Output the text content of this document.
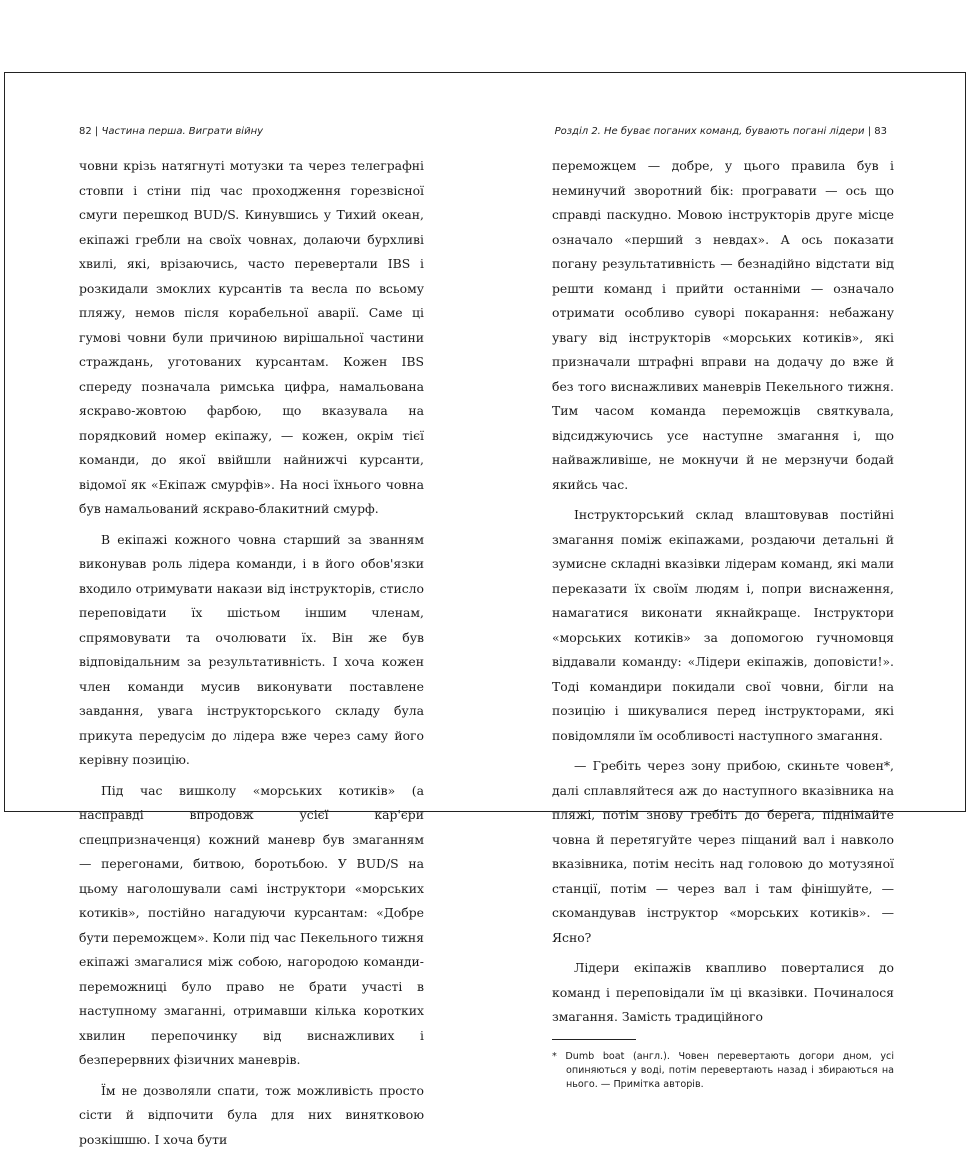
82 | Частина перша. Виграти війну	Розділ 2. Не буває поганих команд, бувають погані лідери | 83

човни крізь натягнуті мотузки та через телеграфні стовпи і стіни під час проходження горезвісної смуги перешкод BUD/S. Кинувшись у Тихий океан, екіпажі гребли на своїх човнах, долаючи бурхливі хвилі, які, врізаючись, часто перевертали IBS і розкидали змоклих курсантів та весла по всьому пляжу, немов після корабельної аварії. Саме ці гумові човни були причиною вирішальної частини страждань, уготованих курсантам. Кожен IBS спереду позначала римська цифра, намальована яскраво-жовтою фарбою, що вказувала на порядковий номер екіпажу, — кожен, окрім тієї команди, до якої ввійшли найнижчі курсанти, відомої як «Екіпаж смурфів». На носі їхнього човна був намальований яскраво-блакитний смурф.

В екіпажі кожного човна старший за званням виконував роль лідера команди, і в його обов'язки входило отримувати накази від інструкторів, стисло переповідати їх шістьом іншим членам, спрямовувати та очолювати їх. Він же був відповідальним за результативність. І хоча кожен член команди мусив виконувати поставлене завдання, увага інструкторського складу була прикута передусім до лідера вже через саму його керівну позицію.

Під час вишколу «морських котиків» (а насправді впродовж усієї кар'єри спецпризначенця) кожний маневр був змаганням — перегонами, битвою, боротьбою. У BUD/S на цьому наголошували самі інструктори «морських котиків», постійно нагадуючи курсантам: «Добре бути переможцем». Коли під час Пекельного тижня екіпажі змагалися між собою, нагородою команди-переможниці було право не брати участі в наступному змаганні, отримавши кілька коротких хвилин перепочинку від виснажливих і безперервних фізичних маневрів.

Їм не дозволяли спати, тож можливість просто сісти й відпочити була для них винятковою розкішшю. І хоча бути

переможцем — добре, у цього правила був і неминучий зворотний бік: програвати — ось що справді паскудно. Мовою інструкторів друге місце означало «перший з невдах». А ось показати погану результативність — безнадійно відстати від решти команд і прийти останніми — означало отримати особливо суворі покарання: небажану увагу від інструкторів «морських котиків», які призначали штрафні вправи на додачу до вже й без того виснажливих маневрів Пекельного тижня. Тим часом команда переможців святкувала, відсиджуючись усе наступне змагання і, що найважливіше, не мокнучи й не мерзнучи бодай якийсь час.

Інструкторський склад влаштовував постійні змагання поміж екіпажами, роздаючи детальні й зумисне складні вказівки лідерам команд, які мали переказати їх своїм людям і, попри виснаження, намагатися виконати якнайкраще. Інструктори «морських котиків» за допомогою гучномовця віддавали команду: «Лідери екіпажів, доповісти!». Тоді командири покидали свої човни, бігли на позицію і шикувалися перед інструкторами, які повідомляли їм особливості наступного змагання.

— Гребіть через зону прибою, скиньте човен*, далі сплавляйтеся аж до наступного вказівника на пляжі, потім знову гребіть до берега, піднімайте човна й перетягуйте через піщаний вал і навколо вказівника, потім несіть над головою до мотузяної станції, потім — через вал і там фінішуйте, — скомандував інструктор «морських котиків». — Ясно?

Лідери екіпажів квапливо поверталися до команд і переповідали їм ці вказівки. Починалося змагання. Замість традиційного

* Dumb boat (англ.). Човен перевертають догори дном, усі опиняються у воді, потім перевертають назад і збираються на нього. — Примітка авторів.
